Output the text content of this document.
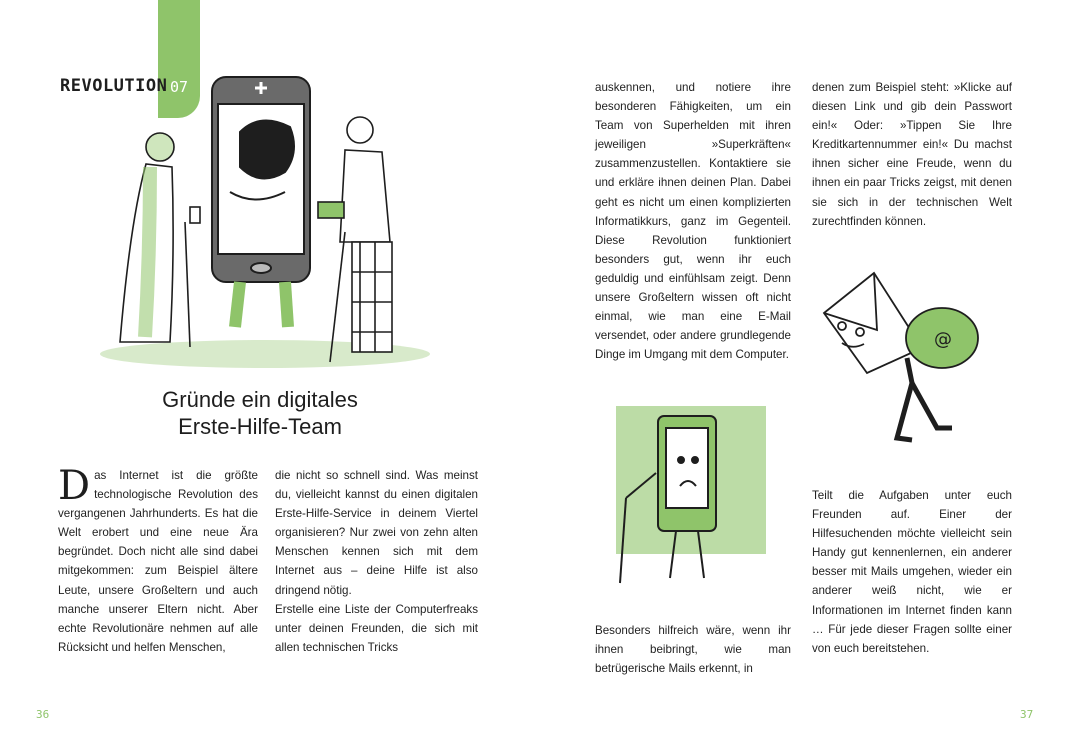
REVOLUTION 07
Gründe ein digitales
Erste-Hilfe-Team

D as Internet ist die größte technologische Revolution des vergangenen Jahrhunderts. Es hat die Welt erobert und eine neue Ära begründet. Doch nicht alle sind dabei mitgekommen: zum Beispiel ältere Leute, unsere Großeltern und auch manche unserer Eltern nicht. Aber echte Revolutionäre nehmen auf alle Rücksicht und helfen Menschen,

die nicht so schnell sind. Was meinst du, vielleicht kannst du einen digitalen Erste-Hilfe-Service in deinem Viertel organisieren? Nur zwei von zehn alten Menschen kennen sich mit dem Internet aus – deine Hilfe ist also dringend nötig.

Erstelle eine Liste der Computerfreaks unter deinen Freunden, die sich mit allen technischen Tricks

36

auskennen, und notiere ihre besonderen Fähigkeiten, um ein Team von Superhelden mit ihren jeweiligen »Superkräften« zusammenzustellen. Kontaktiere sie und erkläre ihnen deinen Plan. Dabei geht es nicht um einen komplizierten Informatikkurs, ganz im Gegenteil. Diese Revolution funktioniert besonders gut, wenn ihr euch geduldig und einfühlsam zeigt. Denn unsere Großeltern wissen oft nicht einmal, wie man eine E-Mail versendet, oder andere grundlegende Dinge im Umgang mit dem Computer.

denen zum Beispiel steht: »Klicke auf diesen Link und gib dein Passwort ein!« Oder: »Tippen Sie Ihre Kreditkartennummer ein!« Du machst ihnen sicher eine Freude, wenn du ihnen ein paar Tricks zeigst, mit denen sie sich in der technischen Welt zurechtfinden können.

@

Besonders hilfreich wäre, wenn ihr ihnen beibringt, wie man betrügerische Mails erkennt, in

Teilt die Aufgaben unter euch Freunden auf. Einer der Hilfesuchenden möchte vielleicht sein Handy gut kennenlernen, ein anderer besser mit Mails umgehen, wieder ein anderer weiß nicht, wie er Informationen im Internet finden kann … Für jede dieser Fragen sollte einer von euch bereitstehen.

37
